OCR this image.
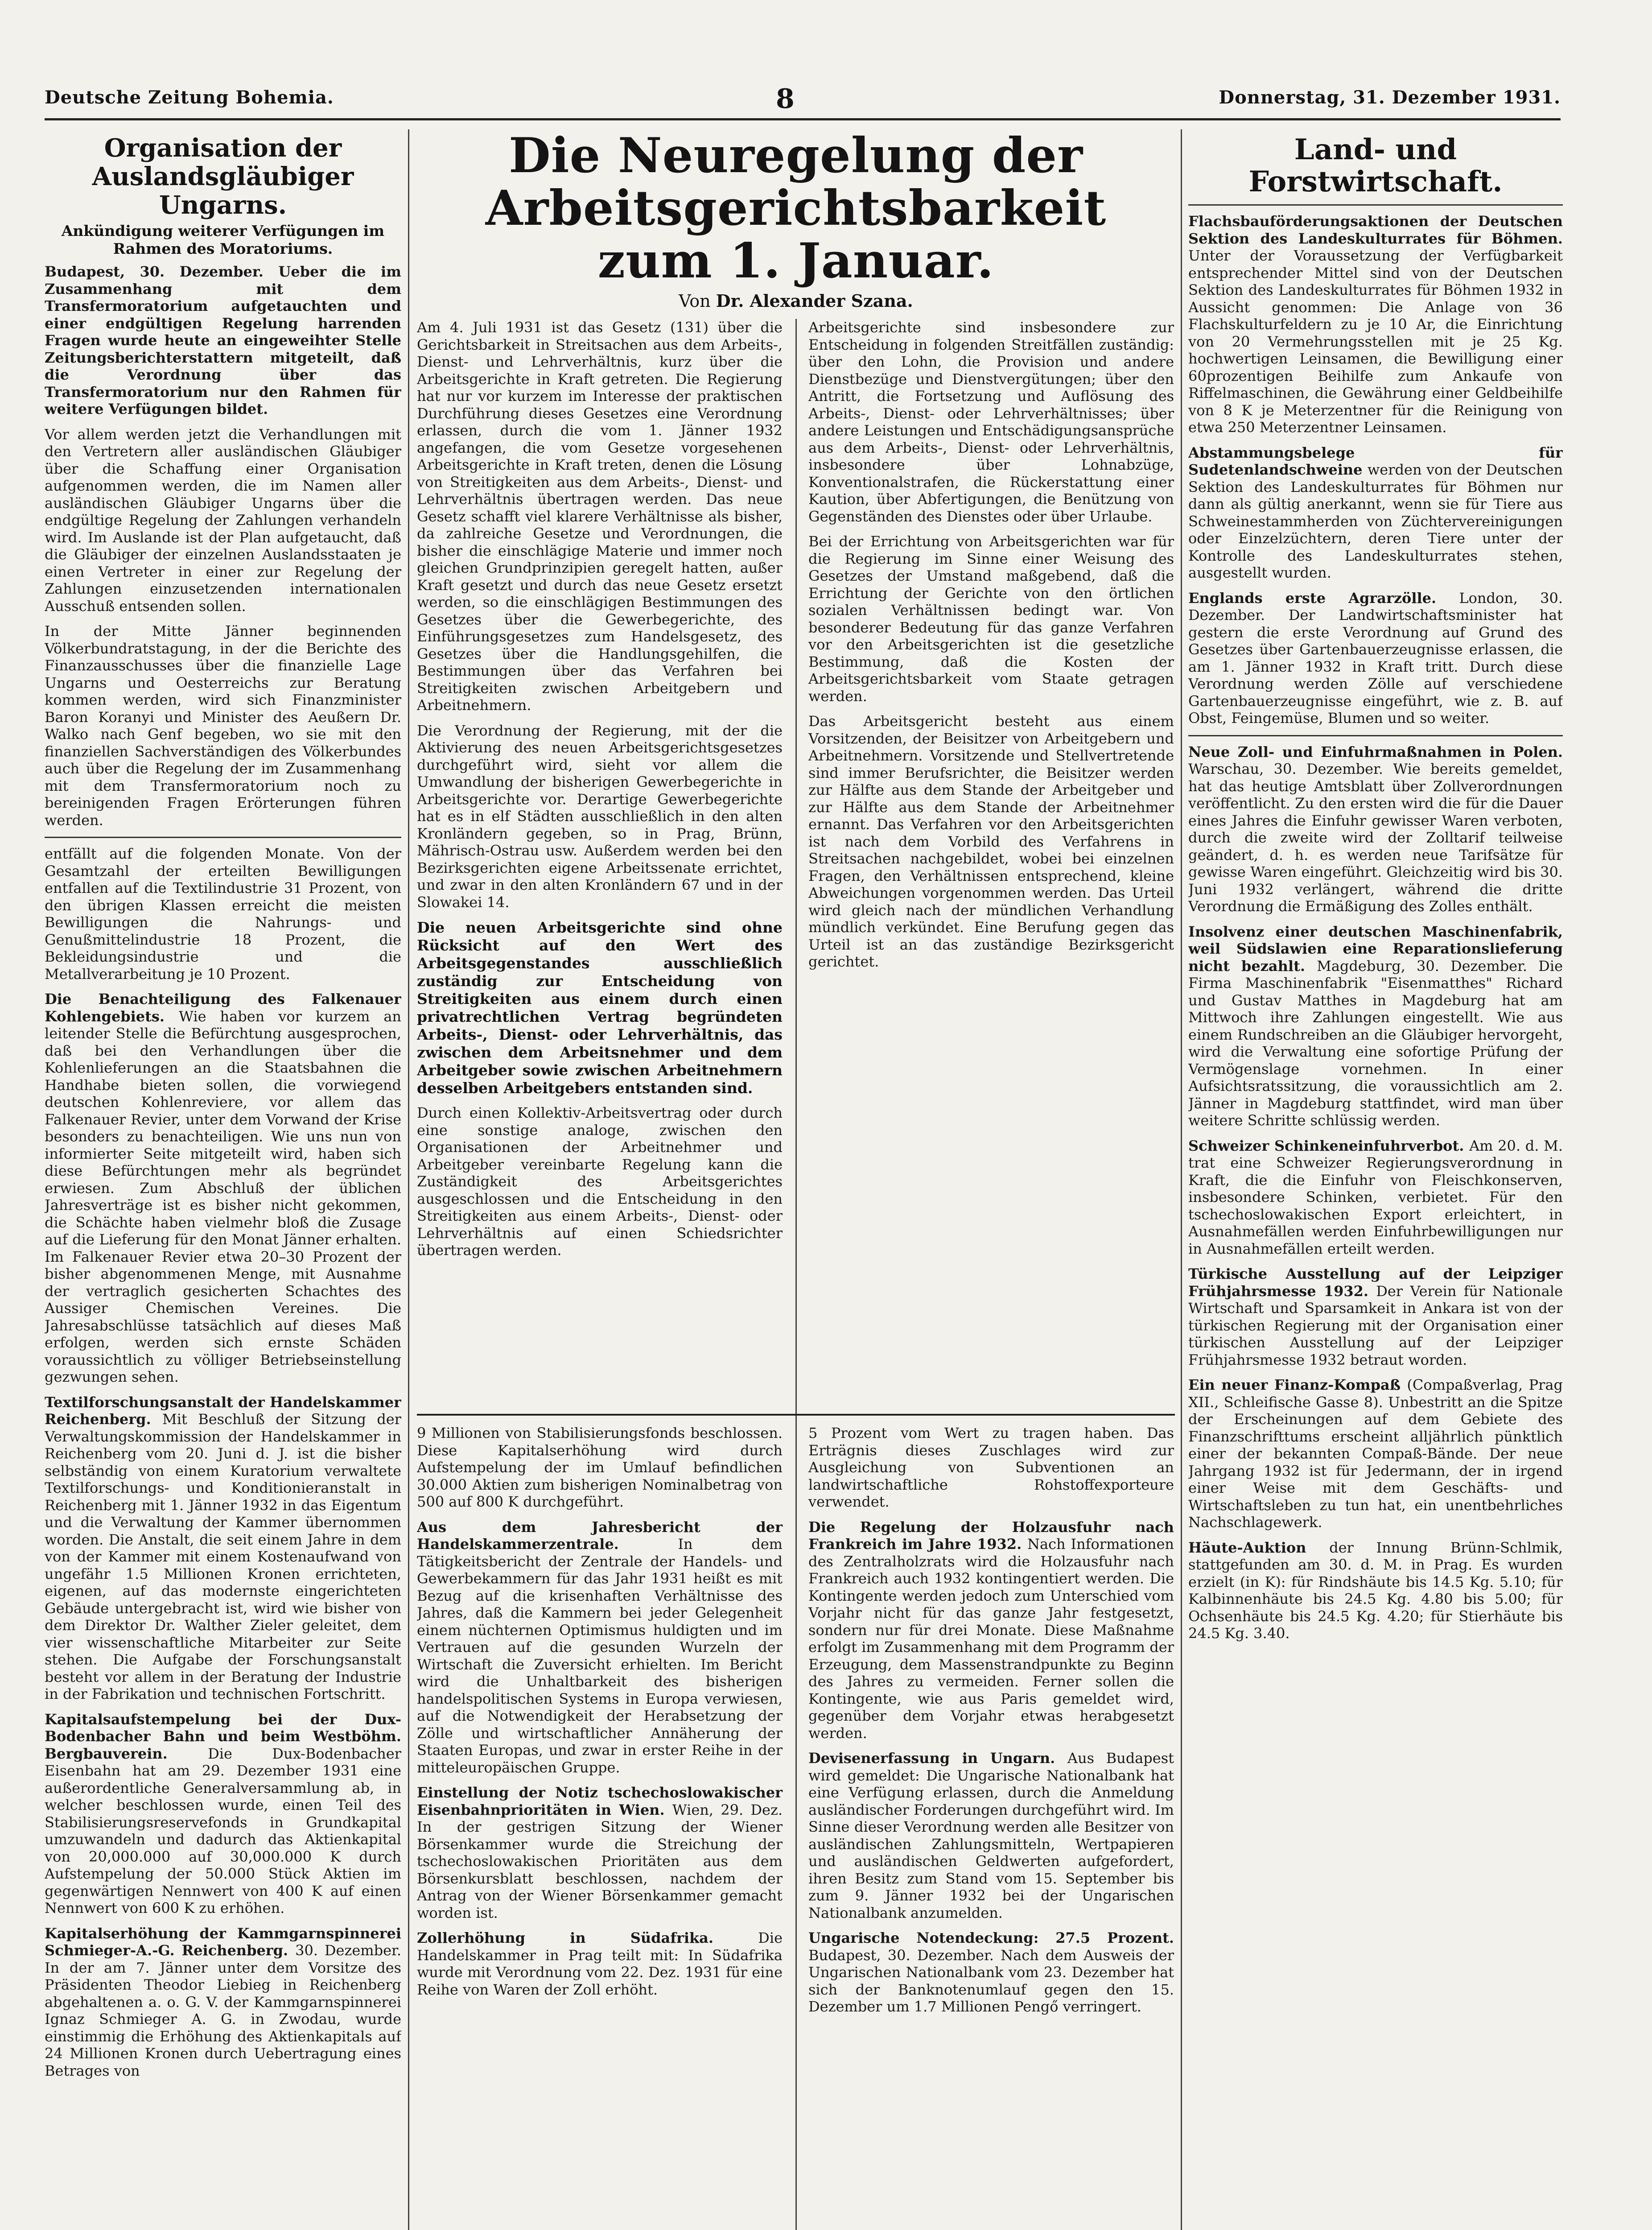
Deutsche Zeitung Bohemia.	8	Donnerstag, 31. Dezember 1931.
Organisation der Auslandsgläubiger Ungarns.
Ankündigung weiterer Verfügungen im Rahmen des Moratoriums.
Budapest, 30. Dezember. Ueber die im Zusammenhang mit dem Transfermoratorium aufgetauchten und einer endgültigen Regelung harrenden Fragen wurde heute an eingeweihter Stelle Zeitungsberichterstattern mitgeteilt, daß die Verordnung über das Transfermoratorium nur den Rahmen für weitere Verfügungen bildet.

Vor allem werden jetzt die Verhandlungen mit den Vertretern aller ausländischen Gläubiger über die Schaffung einer Organisation aufgenommen werden, die im Namen aller ausländischen Gläubiger Ungarns über die endgültige Regelung der Zahlungen verhandeln wird. Im Auslande ist der Plan aufgetaucht, daß die Gläubiger der einzelnen Auslandsstaaten je einen Vertreter in einer zur Regelung der Zahlungen einzusetzenden internationalen Ausschuß entsenden sollen.

In der Mitte Jänner beginnenden Völkerbundratstagung, in der die Berichte des Finanzausschusses über die finanzielle Lage Ungarns und Oesterreichs zur Beratung kommen werden, wird sich Finanzminister Baron Koranyi und Minister des Aeußern Dr. Walko nach Genf begeben, wo sie mit den finanziellen Sachverständigen des Völkerbundes auch über die Regelung der im Zusammenhang mit dem Transfermoratorium noch zu bereinigenden Fragen Erörterungen führen werden.

entfällt auf die folgenden Monate. Von der Gesamtzahl der erteilten Bewilligungen entfallen auf die Textilindustrie 31 Prozent, von den übrigen Klassen erreicht die meisten Bewilligungen die Nahrungs- und Genußmittelindustrie 18 Prozent, die Bekleidungsindustrie und die Metallverarbeitung je 10 Prozent.

Die Benachteiligung des Falkenauer Kohlengebiets. Wie haben vor kurzem an leitender Stelle die Befürchtung ausgesprochen, daß bei den Verhandlungen über die Kohlenlieferungen an die Staatsbahnen die Handhabe bieten sollen, die vorwiegend deutschen Kohlenreviere, vor allem das Falkenauer Revier, unter dem Vorwand der Krise besonders zu benachteiligen. Wie uns nun von informierter Seite mitgeteilt wird, haben sich diese Befürchtungen mehr als begründet erwiesen. Zum Abschluß der üblichen Jahresverträge ist es bisher nicht gekommen, die Schächte haben vielmehr bloß die Zusage auf die Lieferung für den Monat Jänner erhalten. Im Falkenauer Revier etwa 20–30 Prozent der bisher abgenommenen Menge, mit Ausnahme der vertraglich gesicherten Schachtes des Aussiger Chemischen Vereines. Die Jahresabschlüsse tatsächlich auf dieses Maß erfolgen, werden sich ernste Schäden voraussichtlich zu völliger Betriebseinstellung gezwungen sehen.

Textilforschungsanstalt der Handelskammer Reichenberg. Mit Beschluß der Sitzung der Verwaltungskommission der Handelskammer in Reichenberg vom 20. Juni d. J. ist die bisher selbständig von einem Kuratorium verwaltete Textilforschungs- und Konditionieranstalt in Reichenberg mit 1. Jänner 1932 in das Eigentum und die Verwaltung der Kammer übernommen worden. Die Anstalt, die seit einem Jahre in dem von der Kammer mit einem Kostenaufwand von ungefähr 1.5 Millionen Kronen errichteten, eigenen, auf das modernste eingerichteten Gebäude untergebracht ist, wird wie bisher von dem Direktor Dr. Walther Zieler geleitet, dem vier wissenschaftliche Mitarbeiter zur Seite stehen. Die Aufgabe der Forschungsanstalt besteht vor allem in der Beratung der Industrie in der Fabrikation und technischen Fortschritt.

Kapitalsaufstempelung bei der Dux-Bodenbacher Bahn und beim Westböhm. Bergbauverein. Die Dux-Bodenbacher Eisenbahn hat am 29. Dezember 1931 eine außerordentliche Generalversammlung ab, in welcher beschlossen wurde, einen Teil des Stabilisierungsreservefonds in Grundkapital umzuwandeln und dadurch das Aktienkapital von 20,000.000 auf 30,000.000 K durch Aufstempelung der 50.000 Stück Aktien im gegenwärtigen Nennwert von 400 K auf einen Nennwert von 600 K zu erhöhen.

Kapitalserhöhung der Kammgarnspinnerei Schmieger-A.-G. Reichenberg. 30. Dezember. In der am 7. Jänner unter dem Vorsitze des Präsidenten Theodor Liebieg in Reichenberg abgehaltenen a. o. G. V. der Kammgarnspinnerei Ignaz Schmieger A. G. in Zwodau, wurde einstimmig die Erhöhung des Aktienkapitals auf 24 Millionen Kronen durch Uebertragung eines Betrages von

Die Neuregelung der Arbeitsgerichtsbarkeit
zum 1. Januar.
Von Dr. Alexander Szana.

Am 4. Juli 1931 ist das Gesetz (131) über die Gerichtsbarkeit in Streitsachen aus dem Arbeits-, Dienst- und Lehrverhältnis, kurz über die Arbeitsgerichte in Kraft getreten. Die Regierung hat nur vor kurzem im Interesse der praktischen Durchführung dieses Gesetzes eine Verordnung erlassen, durch die vom 1. Jänner 1932 angefangen, die vom Gesetze vorgesehenen Arbeitsgerichte in Kraft treten, denen die Lösung von Streitigkeiten aus dem Arbeits-, Dienst- und Lehrverhältnis übertragen werden. Das neue Gesetz schafft viel klarere Verhältnisse als bisher, da zahlreiche Gesetze und Verordnungen, die bisher die einschlägige Materie und immer noch gleichen Grundprinzipien geregelt hatten, außer Kraft gesetzt und durch das neue Gesetz ersetzt werden, so die einschlägigen Bestimmungen des Gesetzes über die Gewerbegerichte, des Einführungsgesetzes zum Handelsgesetz, des Gesetzes über die Handlungsgehilfen, die Bestimmungen über das Verfahren bei Streitigkeiten zwischen Arbeitgebern und Arbeitnehmern.

Die Verordnung der Regierung, mit der die Aktivierung des neuen Arbeitsgerichtsgesetzes durchgeführt wird, sieht vor allem die Umwandlung der bisherigen Gewerbegerichte in Arbeitsgerichte vor. Derartige Gewerbegerichte hat es in elf Städten ausschließlich in den alten Kronländern gegeben, so in Prag, Brünn, Mährisch-Ostrau usw. Außerdem werden bei den Bezirksgerichten eigene Arbeitssenate errichtet, und zwar in den alten Kronländern 67 und in der Slowakei 14.

Die neuen Arbeitsgerichte sind ohne Rücksicht auf den Wert des Arbeitsgegenstandes ausschließlich zuständig zur Entscheidung von Streitigkeiten aus einem durch einen privatrechtlichen Vertrag begründeten Arbeits-, Dienst- oder Lehrverhältnis, das zwischen dem Arbeitsnehmer und dem Arbeitgeber sowie zwischen Arbeitnehmern desselben Arbeitgebers entstanden sind.

Durch einen Kollektiv-Arbeitsvertrag oder durch eine sonstige analoge, zwischen den Organisationen der Arbeitnehmer und Arbeitgeber vereinbarte Regelung kann die Zuständigkeit des Arbeitsgerichtes ausgeschlossen und die Entscheidung in den Streitigkeiten aus einem Arbeits-, Dienst- oder Lehrverhältnis auf einen Schiedsrichter übertragen werden.

Arbeitsgerichte sind insbesondere zur Entscheidung in folgenden Streitfällen zuständig: über den Lohn, die Provision und andere Dienstbezüge und Dienstvergütungen; über den Antritt, die Fortsetzung und Auflösung des Arbeits-, Dienst- oder Lehrverhältnisses; über andere Leistungen und Entschädigungsansprüche aus dem Arbeits-, Dienst- oder Lehrverhältnis, insbesondere über Lohnabzüge, Konventionalstrafen, die Rückerstattung einer Kaution, über Abfertigungen, die Benützung von Gegenständen des Dienstes oder über Urlaube.

Bei der Errichtung von Arbeitsgerichten war für die Regierung im Sinne einer Weisung des Gesetzes der Umstand maßgebend, daß die Errichtung der Gerichte von den örtlichen sozialen Verhältnissen bedingt war. Von besonderer Bedeutung für das ganze Verfahren vor den Arbeitsgerichten ist die gesetzliche Bestimmung, daß die Kosten der Arbeitsgerichtsbarkeit vom Staate getragen werden.

Das Arbeitsgericht besteht aus einem Vorsitzenden, der Beisitzer von Arbeitgebern und Arbeitnehmern. Vorsitzende und Stellvertretende sind immer Berufsrichter, die Beisitzer werden zur Hälfte aus dem Stande der Arbeitgeber und zur Hälfte aus dem Stande der Arbeitnehmer ernannt. Das Verfahren vor den Arbeitsgerichten ist nach dem Vorbild des Verfahrens in Streitsachen nachgebildet, wobei bei einzelnen Fragen, den Verhältnissen entsprechend, kleine Abweichungen vorgenommen werden. Das Urteil wird gleich nach der mündlichen Verhandlung mündlich verkündet. Eine Berufung gegen das Urteil ist an das zuständige Bezirksgericht gerichtet.

9 Millionen von Stabilisierungsfonds beschlossen. Diese Kapitalserhöhung wird durch Aufstempelung der im Umlauf befindlichen 30.000 Aktien zum bisherigen Nominalbetrag von 500 auf 800 K durchgeführt.

Aus dem Jahresbericht der Handelskammerzentrale. In dem Tätigkeitsbericht der Zentrale der Handels- und Gewerbekammern für das Jahr 1931 heißt es mit Bezug auf die krisenhaften Verhältnisse des Jahres, daß die Kammern bei jeder Gelegenheit einem nüchternen Optimismus huldigten und im Vertrauen auf die gesunden Wurzeln der Wirtschaft die Zuversicht erhielten. Im Bericht wird die Unhaltbarkeit des bisherigen handelspolitischen Systems in Europa verwiesen, auf die Notwendigkeit der Herabsetzung der Zölle und wirtschaftlicher Annäherung der Staaten Europas, und zwar in erster Reihe in der mitteleuropäischen Gruppe.

Einstellung der Notiz tschechoslowakischer Eisenbahnprioritäten in Wien. Wien, 29. Dez. In der gestrigen Sitzung der Wiener Börsenkammer wurde die Streichung der tschechoslowakischen Prioritäten aus dem Börsenkursblatt beschlossen, nachdem der Antrag von der Wiener Börsenkammer gemacht worden ist.

Zollerhöhung in Südafrika. Die Handelskammer in Prag teilt mit: In Südafrika wurde mit Verordnung vom 22. Dez. 1931 für eine Reihe von Waren der Zoll erhöht.

5 Prozent vom Wert zu tragen haben. Das Erträgnis dieses Zuschlages wird zur Ausgleichung von Subventionen an landwirtschaftliche Rohstoffexporteure verwendet.

Die Regelung der Holzausfuhr nach Frankreich im Jahre 1932. Nach Informationen des Zentralholzrats wird die Holzausfuhr nach Frankreich auch 1932 kontingentiert werden. Die Kontingente werden jedoch zum Unterschied vom Vorjahr nicht für das ganze Jahr festgesetzt, sondern nur für drei Monate. Diese Maßnahme erfolgt im Zusammenhang mit dem Programm der Erzeugung, dem Massenstrandpunkte zu Beginn des Jahres zu vermeiden. Ferner sollen die Kontingente, wie aus Paris gemeldet wird, gegenüber dem Vorjahr etwas herabgesetzt werden.

Devisenerfassung in Ungarn. Aus Budapest wird gemeldet: Die Ungarische Nationalbank hat eine Verfügung erlassen, durch die Anmeldung ausländischer Forderungen durchgeführt wird. Im Sinne dieser Verordnung werden alle Besitzer von ausländischen Zahlungsmitteln, Wertpapieren und ausländischen Geldwerten aufgefordert, ihren Besitz zum Stand vom 15. September bis zum 9. Jänner 1932 bei der Ungarischen Nationalbank anzumelden.

Ungarische Notendeckung: 27.5 Prozent. Budapest, 30. Dezember. Nach dem Ausweis der Ungarischen Nationalbank vom 23. Dezember hat sich der Banknotenumlauf gegen den 15. Dezember um 1.7 Millionen Pengő verringert.

Land- und Forstwirtschaft.

Flachsbauförderungsaktionen der Deutschen Sektion des Landeskulturrates für Böhmen. Unter der Voraussetzung der Verfügbarkeit entsprechender Mittel sind von der Deutschen Sektion des Landeskulturrates für Böhmen 1932 in Aussicht genommen: Die Anlage von 36 Flachskulturfeldern zu je 10 Ar, die Einrichtung von 20 Vermehrungsstellen mit je 25 Kg. hochwertigen Leinsamen, die Bewilligung einer 60prozentigen Beihilfe zum Ankaufe von Riffelmaschinen, die Gewährung einer Geldbeihilfe von 8 K je Meterzentner für die Reinigung von etwa 250 Meterzentner Leinsamen.

Abstammungsbelege für Sudetenlandschweine werden von der Deutschen Sektion des Landeskulturrates für Böhmen nur dann als gültig anerkannt, wenn sie für Tiere aus Schweinestammherden von Züchtervereinigungen oder Einzelzüchtern, deren Tiere unter der Kontrolle des Landeskulturrates stehen, ausgestellt wurden.

Englands erste Agrarzölle. London, 30. Dezember. Der Landwirtschaftsminister hat gestern die erste Verordnung auf Grund des Gesetzes über Gartenbauerzeugnisse erlassen, die am 1. Jänner 1932 in Kraft tritt. Durch diese Verordnung werden Zölle auf verschiedene Gartenbauerzeugnisse eingeführt, wie z. B. auf Obst, Feingemüse, Blumen und so weiter.

Neue Zoll- und Einfuhrmaßnahmen in Polen. Warschau, 30. Dezember. Wie bereits gemeldet, hat das heutige Amtsblatt über Zollverordnungen veröffentlicht. Zu den ersten wird die für die Dauer eines Jahres die Einfuhr gewisser Waren verboten, durch die zweite wird der Zolltarif teilweise geändert, d. h. es werden neue Tarifsätze für gewisse Waren eingeführt. Gleichzeitig wird bis 30. Juni 1932 verlängert, während die dritte Verordnung die Ermäßigung des Zolles enthält.

Insolvenz einer deutschen Maschinenfabrik, weil Südslawien eine Reparationslieferung nicht bezahlt. Magdeburg, 30. Dezember. Die Firma Maschinenfabrik "Eisenmatthes" Richard und Gustav Matthes in Magdeburg hat am Mittwoch ihre Zahlungen eingestellt. Wie aus einem Rundschreiben an die Gläubiger hervorgeht, wird die Verwaltung eine sofortige Prüfung der Vermögenslage vornehmen. In einer Aufsichtsratssitzung, die voraussichtlich am 2. Jänner in Magdeburg stattfindet, wird man über weitere Schritte schlüssig werden.

Schweizer Schinkeneinfuhrverbot. Am 20. d. M. trat eine Schweizer Regierungsverordnung in Kraft, die die Einfuhr von Fleischkonserven, insbesondere Schinken, verbietet. Für den tschechoslowakischen Export erleichtert, in Ausnahmefällen werden Einfuhrbewilligungen nur in Ausnahmefällen erteilt werden.

Türkische Ausstellung auf der Leipziger Frühjahrsmesse 1932. Der Verein für Nationale Wirtschaft und Sparsamkeit in Ankara ist von der türkischen Regierung mit der Organisation einer türkischen Ausstellung auf der Leipziger Frühjahrsmesse 1932 betraut worden.

Ein neuer Finanz-Kompaß (Compaßverlag, Prag XII., Schleifische Gasse 8). Unbestritt an die Spitze der Erscheinungen auf dem Gebiete des Finanzschrifttums erscheint alljährlich pünktlich einer der bekannten Compaß-Bände. Der neue Jahrgang 1932 ist für Jedermann, der in irgend einer Weise mit dem Geschäfts- und Wirtschaftsleben zu tun hat, ein unentbehrliches Nachschlagewerk.

Häute-Auktion der Innung Brünn-Schlmik, stattgefunden am 30. d. M. in Prag. Es wurden erzielt (in K): für Rindshäute bis 14.5 Kg. 5.10; für Kalbinnenhäute bis 24.5 Kg. 4.80 bis 5.00; für Ochsenhäute bis 24.5 Kg. 4.20; für Stierhäute bis 24.5 Kg. 3.40.
